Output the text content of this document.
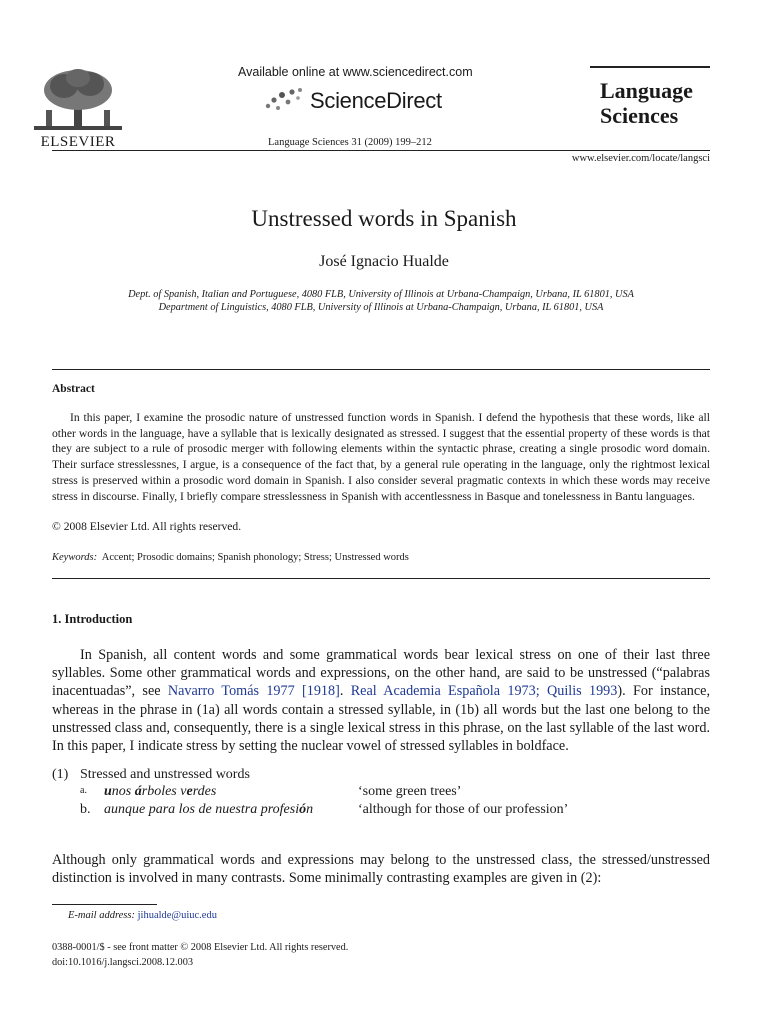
ELSEVIER
Available online at www.sciencedirect.com
ScienceDirect
Language Sciences 31 (2009) 199–212
Language
Sciences
www.elsevier.com/locate/langsci
Unstressed words in Spanish
José Ignacio Hualde
Dept. of Spanish, Italian and Portuguese, 4080 FLB, University of Illinois at Urbana-Champaign, Urbana, IL 61801, USA
Department of Linguistics, 4080 FLB, University of Illinois at Urbana-Champaign, Urbana, IL 61801, USA
Abstract
In this paper, I examine the prosodic nature of unstressed function words in Spanish. I defend the hypothesis that these words, like all other words in the language, have a syllable that is lexically designated as stressed. I suggest that the essential property of these words is that they are subject to a rule of prosodic merger with following elements within the syntactic phrase, creating a single prosodic word domain. Their surface stresslessnes, I argue, is a consequence of the fact that, by a general rule operating in the language, only the rightmost lexical stress is preserved within a prosodic word domain in Spanish. I also consider several pragmatic contexts in which these words may receive stress in discourse. Finally, I briefly compare stresslessness in Spanish with accentlessness in Basque and tonelessness in Bantu languages.
© 2008 Elsevier Ltd. All rights reserved.
Keywords: Accent; Prosodic domains; Spanish phonology; Stress; Unstressed words
1. Introduction
In Spanish, all content words and some grammatical words bear lexical stress on one of their last three syllables. Some other grammatical words and expressions, on the other hand, are said to be unstressed (“palabras inacentuadas”, see Navarro Tomás 1977 [1918]. Real Academia Española 1973; Quilis 1993). For instance, whereas in the phrase in (1a) all words contain a stressed syllable, in (1b) all words but the last one belong to the unstressed class and, consequently, there is a single lexical stress in this phrase, on the last syllable of the last word. In this paper, I indicate stress by setting the nuclear vowel of stressed syllables in boldface.
(1) Stressed and unstressed words
a. unos árboles verdes	‘some green trees’
b. aunque para los de nuestra profesión	‘although for those of our profession’
Although only grammatical words and expressions may belong to the unstressed class, the stressed/unstressed distinction is involved in many contrasts. Some minimally contrasting examples are given in (2):
E-mail address: jihualde@uiuc.edu
0388-0001/$ - see front matter © 2008 Elsevier Ltd. All rights reserved.
doi:10.1016/j.langsci.2008.12.003
